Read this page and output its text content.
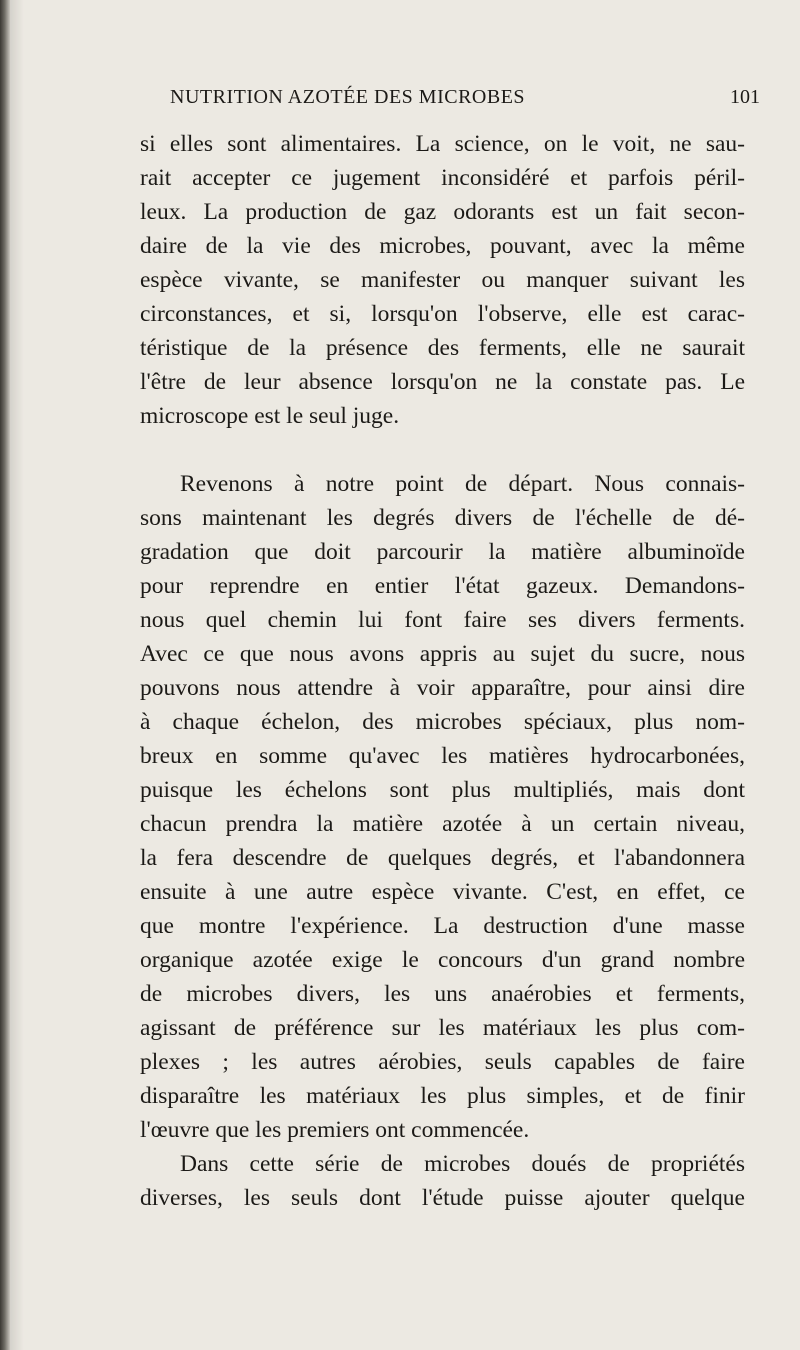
NUTRITION AZOTÉE DES MICROBES	101
si elles sont alimentaires. La science, on le voit, ne sau-
rait accepter ce jugement inconsidéré et parfois péril-
leux. La production de gaz odorants est un fait secon-
daire de la vie des microbes, pouvant, avec la même
espèce vivante, se manifester ou manquer suivant les
circonstances, et si, lorsqu'on l'observe, elle est carac-
téristique de la présence des ferments, elle ne saurait
l'être de leur absence lorsqu'on ne la constate pas. Le
microscope est le seul juge.
Revenons à notre point de départ. Nous connais-
sons maintenant les degrés divers de l'échelle de dé-
gradation que doit parcourir la matière albuminoïde
pour reprendre en entier l'état gazeux. Demandons-
nous quel chemin lui font faire ses divers ferments.
Avec ce que nous avons appris au sujet du sucre, nous
pouvons nous attendre à voir apparaître, pour ainsi dire
à chaque échelon, des microbes spéciaux, plus nom-
breux en somme qu'avec les matières hydrocarbonées,
puisque les échelons sont plus multipliés, mais dont
chacun prendra la matière azotée à un certain niveau,
la fera descendre de quelques degrés, et l'abandonnera
ensuite à une autre espèce vivante. C'est, en effet, ce
que montre l'expérience. La destruction d'une masse
organique azotée exige le concours d'un grand nombre
de microbes divers, les uns anaérobies et ferments,
agissant de préférence sur les matériaux les plus com-
plexes ; les autres aérobies, seuls capables de faire
disparaître les matériaux les plus simples, et de finir
l'œuvre que les premiers ont commencée.
Dans cette série de microbes doués de propriétés
diverses, les seuls dont l'étude puisse ajouter quelque
